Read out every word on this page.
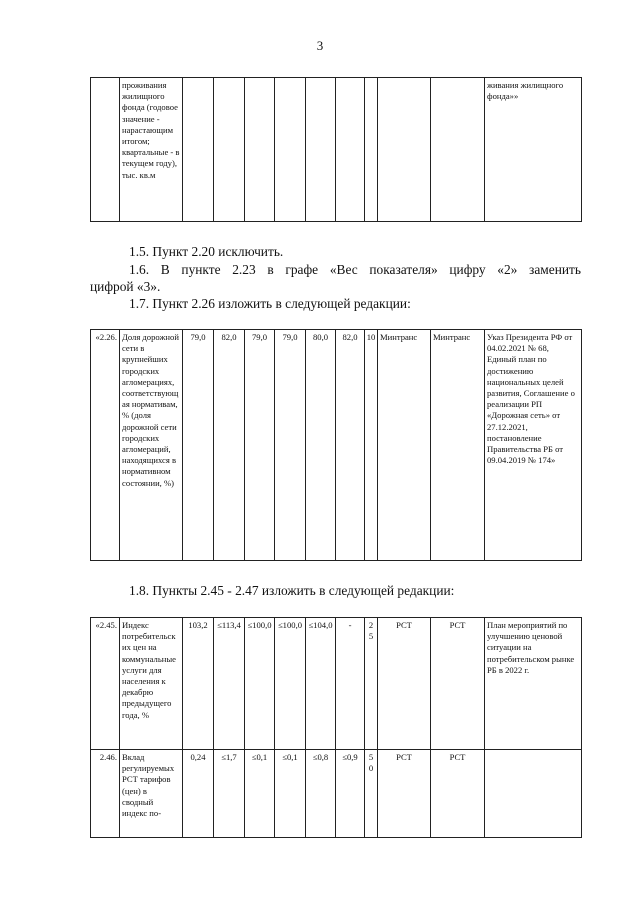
3
	проживания жилищного фонда (годовое значение - нарастающим итогом; квартальные - в текущем году), тыс. кв.м										живания жилищного фонда»»
1.5. Пункт 2.20 исключить.
1.6. В пункте 2.23 в графе «Вес показателя» цифру «2» заменить
цифрой «3».
1.7. Пункт 2.26 изложить в следующей редакции:
«2.26.	Доля дорожной сети в крупнейших городских агломерациях, соответствующая нормативам, % (доля дорожной сети городских агломераций, находящихся в нормативном состоянии, %)	79,0	82,0	79,0	79,0	80,0	82,0	10	Минтранс	Минтранс	Указ Президента РФ от 04.02.2021 № 68, Единый план по достижению национальных целей развития, Соглашение о реализации РП «Дорожная сеть» от 27.12.2021, постановление Правительства РБ от 09.04.2019 № 174»
1.8. Пункты 2.45 - 2.47 изложить в следующей редакции:
«2.45.	Индекс потребительских цен на коммунальные услуги для населения к декабрю предыдущего года, %	103,2	≤113,4	≤100,0	≤100,0	≤104,0	-	25	РСТ	РСТ	План мероприятий по улучшению ценовой ситуации на потребительском рынке РБ в 2022 г.
2.46.	Вклад регулируемых РСТ тарифов (цен) в сводный индекс по-	0,24	≤1,7	≤0,1	≤0,1	≤0,8	≤0,9	50	РСТ	РСТ	
